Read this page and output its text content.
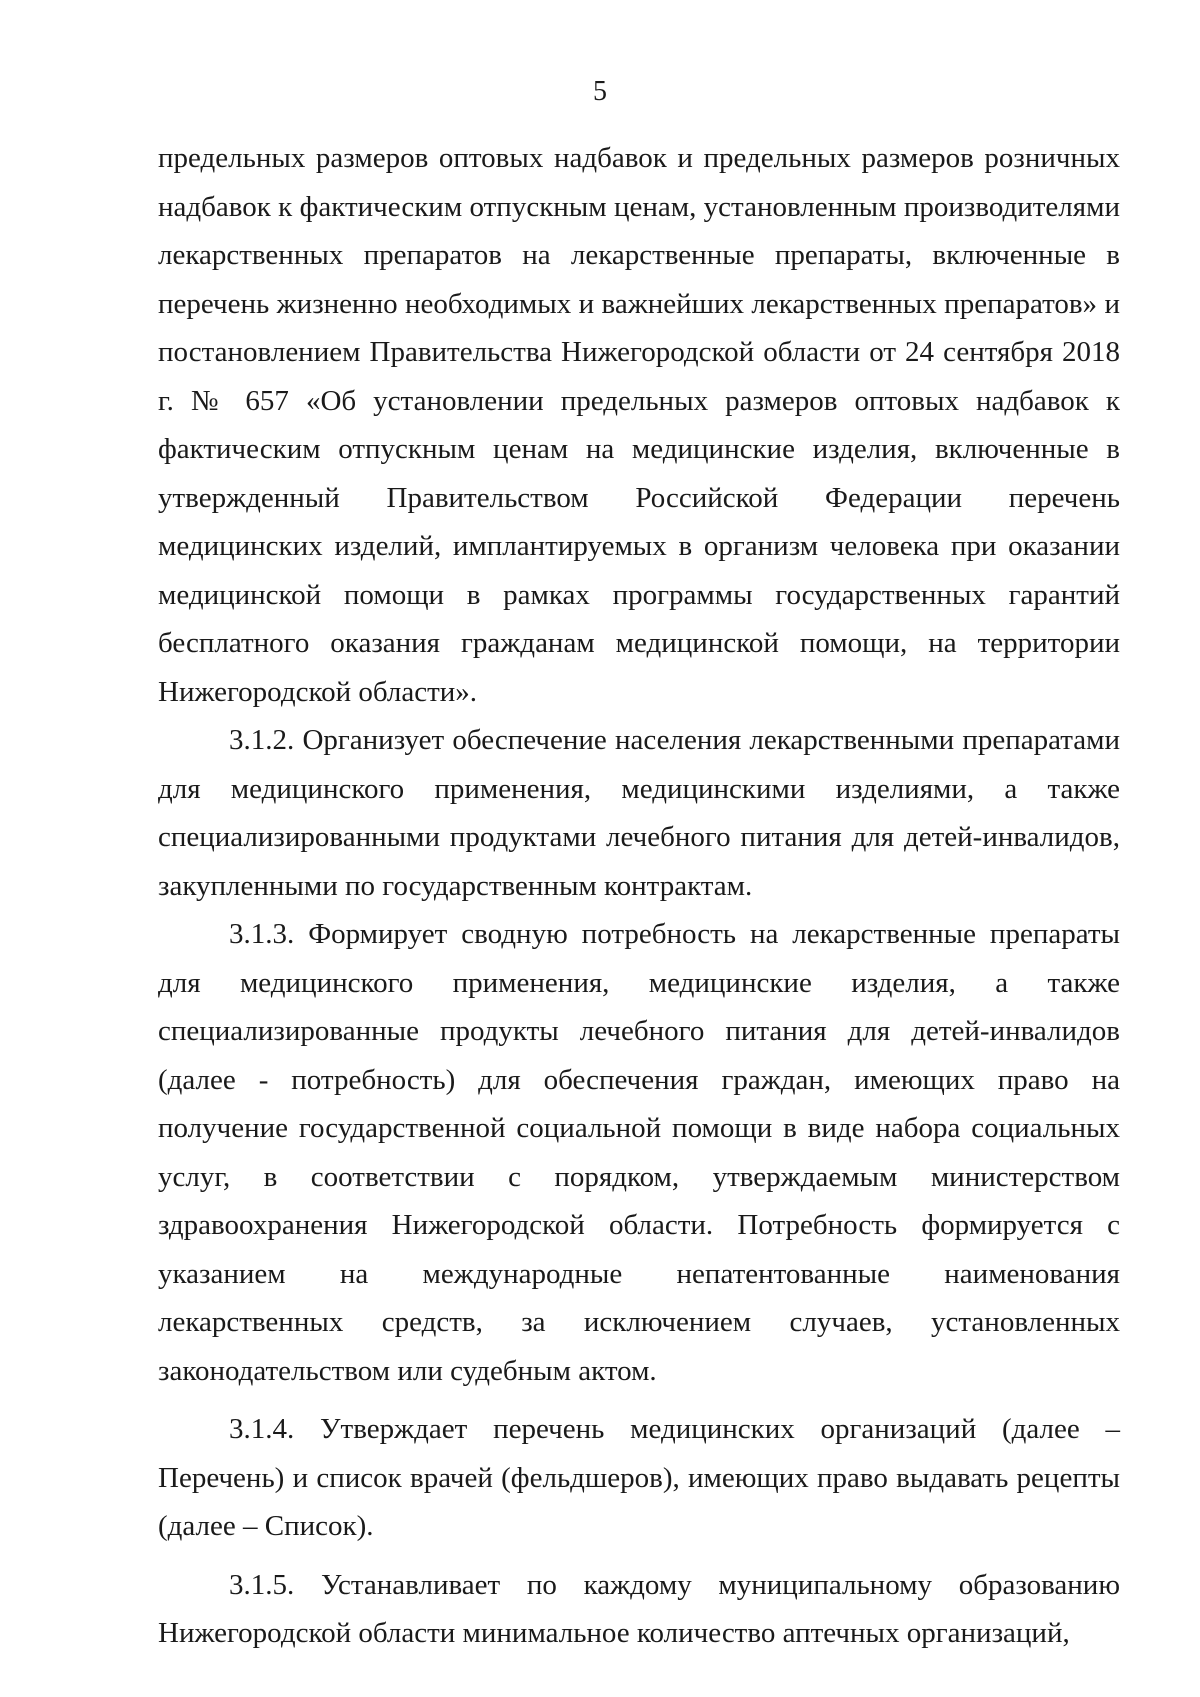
5

предельных размеров оптовых надбавок и предельных размеров розничных надбавок к фактическим отпускным ценам, установленным производителями лекарственных препаратов на лекарственные препараты, включенные в перечень жизненно необходимых и важнейших лекарственных препаратов» и постановлением Правительства Нижегородской области от 24 сентября 2018 г. № 657 «Об установлении предельных размеров оптовых надбавок к фактическим отпускным ценам на медицинские изделия, включенные в утвержденный Правительством Российской Федерации перечень медицинских изделий, имплантируемых в организм человека при оказании медицинской помощи в рамках программы государственных гарантий бесплатного оказания гражданам медицинской помощи, на территории Нижегородской области».

3.1.2. Организует обеспечение населения лекарственными препаратами для медицинского применения, медицинскими изделиями, а также специализированными продуктами лечебного питания для детей-инвалидов, закупленными по государственным контрактам.

3.1.3. Формирует сводную потребность на лекарственные препараты для медицинского применения, медицинские изделия, а также специализированные продукты лечебного питания для детей-инвалидов (далее - потребность) для обеспечения граждан, имеющих право на получение государственной социальной помощи в виде набора социальных услуг, в соответствии с порядком, утверждаемым министерством здравоохранения Нижегородской области. Потребность формируется с указанием на международные непатентованные наименования лекарственных средств, за исключением случаев, установленных законодательством или судебным актом.

3.1.4. Утверждает перечень медицинских организаций (далее – Перечень) и список врачей (фельдшеров), имеющих право выдавать рецепты (далее – Список).

3.1.5. Устанавливает по каждому муниципальному образованию Нижегородской области минимальное количество аптечных организаций,
